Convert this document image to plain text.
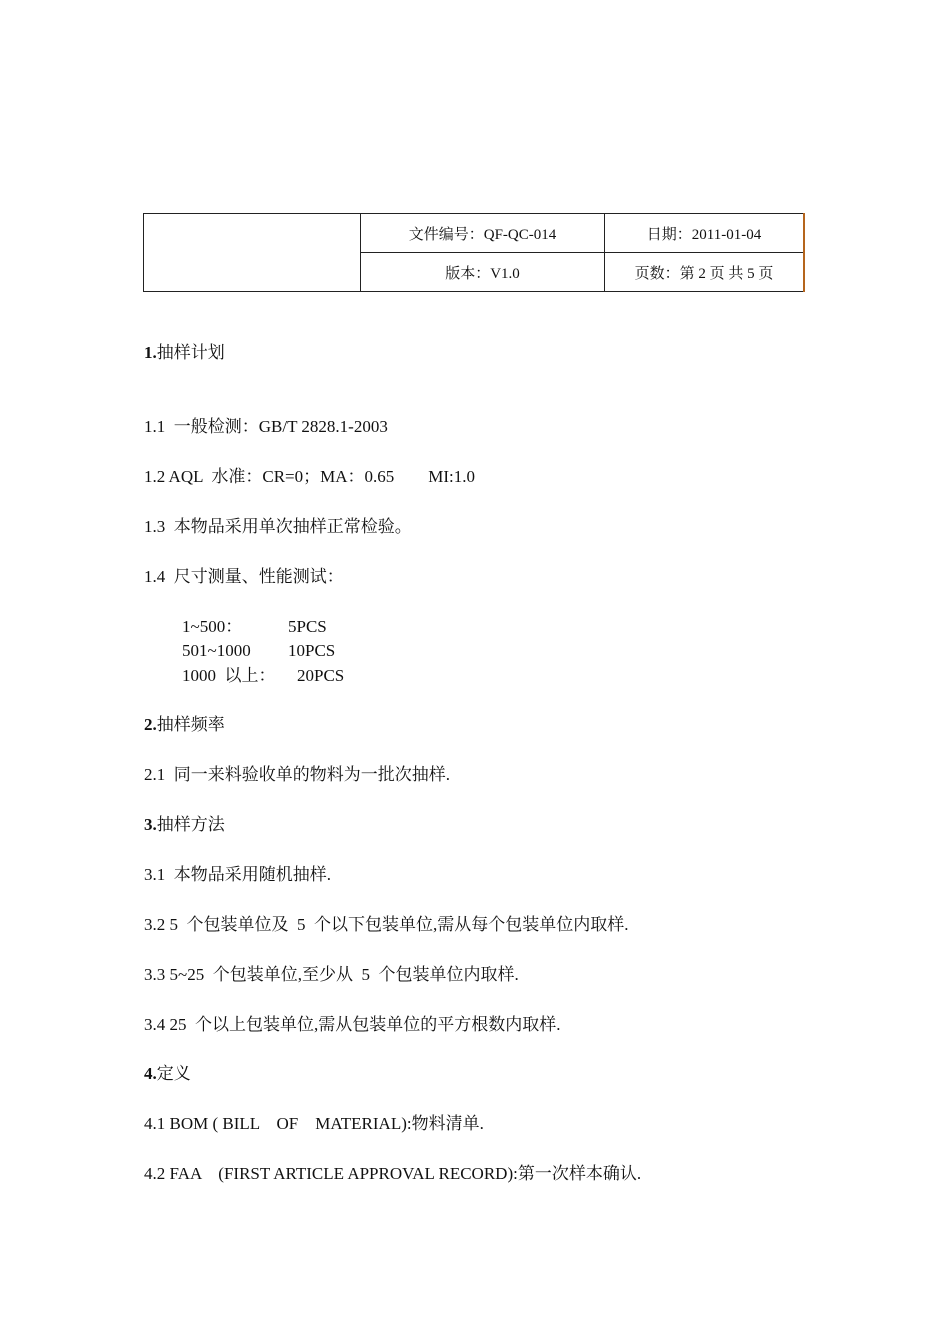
	文件编号：QF-QC-014	日期：2011-01-04
	版本：V1.0	页数：第 2 页 共 5 页
1.抽样计划
1.1  一般检测：GB/T 2828.1-2003
1.2 AQL  水准：CR=0；MA：0.65        MI:1.0
1.3  本物品采用单次抽样正常检验。
1.4  尺寸测量、性能测试：
1~500：	5PCS
501~1000 10PCS
1000  以上： 20PCS
2.抽样频率
2.1  同一来料验收单的物料为一批次抽样.
3.抽样方法
3.1  本物品采用随机抽样.
3.2 5  个包装单位及  5  个以下包装单位,需从每个包装单位内取样.
3.3 5~25  个包装单位,至少从  5  个包装单位内取样.
3.4 25  个以上包装单位,需从包装单位的平方根数内取样.
4.定义
4.1 BOM ( BILL    OF    MATERIAL):物料清单.
4.2 FAA    (FIRST ARTICLE APPROVAL RECORD):第一次样本确认.
